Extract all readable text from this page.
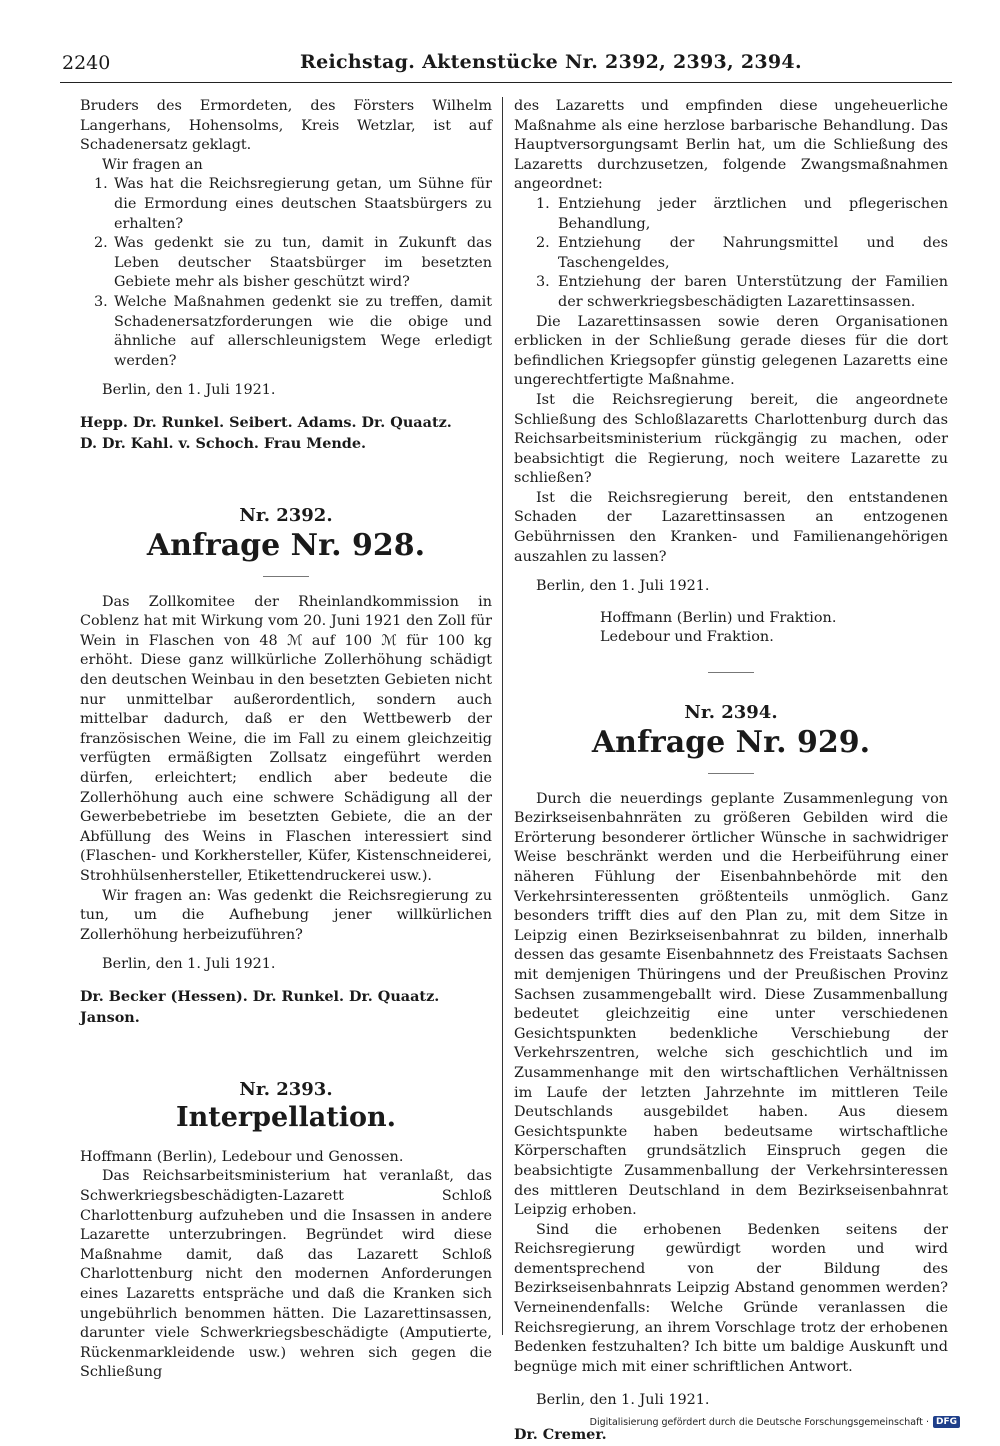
2240	Reichstag. Aktenstücke Nr. 2392, 2393, 2394.

Bruders des Ermordeten, des Försters Wilhelm Langerhans, Hohensolms, Kreis Wetzlar, ist auf Schadenersatz geklagt.

Wir fragen an

1. Was hat die Reichsregierung getan, um Sühne für die Ermordung eines deutschen Staatsbürgers zu erhalten?
2. Was gedenkt sie zu tun, damit in Zukunft das Leben deutscher Staatsbürger im besetzten Gebiete mehr als bisher geschützt wird?
3. Welche Maßnahmen gedenkt sie zu treffen, damit Schadenersatzforderungen wie die obige und ähnliche auf allerschleunigstem Wege erledigt werden?

Berlin, den 1. Juli 1921.

Hepp. Dr. Runkel. Seibert. Adams. Dr. Quaatz.

D. Dr. Kahl. v. Schoch. Frau Mende.

Nr. 2392.

Anfrage Nr. 928.

Das Zollkomitee der Rheinlandkommission in Coblenz hat mit Wirkung vom 20. Juni 1921 den Zoll für Wein in Flaschen von 48 ℳ auf 100 ℳ für 100 kg erhöht. Diese ganz willkürliche Zollerhöhung schädigt den deutschen Weinbau in den besetzten Gebieten nicht nur unmittelbar außerordentlich, sondern auch mittelbar dadurch, daß er den Wettbewerb der französischen Weine, die im Fall zu einem gleichzeitig verfügten ermäßigten Zollsatz eingeführt werden dürfen, erleichtert; endlich aber bedeute die Zollerhöhung auch eine schwere Schädigung all der Gewerbebetriebe im besetzten Gebiete, die an der Abfüllung des Weins in Flaschen interessiert sind (Flaschen- und Korkhersteller, Küfer, Kistenschneiderei, Strohhülsenhersteller, Etikettendruckerei usw.).

Wir fragen an: Was gedenkt die Reichsregierung zu tun, um die Aufhebung jener willkürlichen Zollerhöhung herbeizuführen?

Berlin, den 1. Juli 1921.

Dr. Becker (Hessen). Dr. Runkel. Dr. Quaatz.

Janson.

Nr. 2393.

Interpellation.

Hoffmann (Berlin), Ledebour und Genossen.

Das Reichsarbeitsministerium hat veranlaßt, das Schwerkriegsbeschädigten-Lazarett Schloß Charlottenburg aufzuheben und die Insassen in andere Lazarette unterzubringen. Begründet wird diese Maßnahme damit, daß das Lazarett Schloß Charlottenburg nicht den modernen Anforderungen eines Lazaretts entspräche und daß die Kranken sich ungebührlich benommen hätten. Die Lazarettinsassen, darunter viele Schwerkriegsbeschädigte (Amputierte, Rückenmarkleidende usw.) wehren sich gegen die Schließung

des Lazaretts und empfinden diese ungeheuerliche Maßnahme als eine herzlose barbarische Behandlung. Das Hauptversorgungsamt Berlin hat, um die Schließung des Lazaretts durchzusetzen, folgende Zwangsmaßnahmen angeordnet:

1. Entziehung jeder ärztlichen und pflegerischen Behandlung,
2. Entziehung der Nahrungsmittel und des Taschengeldes,
3. Entziehung der baren Unterstützung der Familien der schwerkriegsbeschädigten Lazarettinsassen.

Die Lazarettinsassen sowie deren Organisationen erblicken in der Schließung gerade dieses für die dort befindlichen Kriegsopfer günstig gelegenen Lazaretts eine ungerechtfertigte Maßnahme.

Ist die Reichsregierung bereit, die angeordnete Schließung des Schloßlazaretts Charlottenburg durch das Reichsarbeitsministerium rückgängig zu machen, oder beabsichtigt die Regierung, noch weitere Lazarette zu schließen?

Ist die Reichsregierung bereit, den entstandenen Schaden der Lazarettinsassen an entzogenen Gebührnissen den Kranken- und Familienangehörigen auszahlen zu lassen?

Berlin, den 1. Juli 1921.

Hoffmann (Berlin) und Fraktion.

Ledebour und Fraktion.

Nr. 2394.

Anfrage Nr. 929.

Durch die neuerdings geplante Zusammenlegung von Bezirkseisenbahnräten zu größeren Gebilden wird die Erörterung besonderer örtlicher Wünsche in sachwidriger Weise beschränkt werden und die Herbeiführung einer näheren Fühlung der Eisenbahnbehörde mit den Verkehrsinteressenten größtenteils unmöglich. Ganz besonders trifft dies auf den Plan zu, mit dem Sitze in Leipzig einen Bezirkseisenbahnrat zu bilden, innerhalb dessen das gesamte Eisenbahnnetz des Freistaats Sachsen mit demjenigen Thüringens und der Preußischen Provinz Sachsen zusammengeballt wird. Diese Zusammenballung bedeutet gleichzeitig eine unter verschiedenen Gesichtspunkten bedenkliche Verschiebung der Verkehrszentren, welche sich geschichtlich und im Zusammenhange mit den wirtschaftlichen Verhältnissen im Laufe der letzten Jahrzehnte im mittleren Teile Deutschlands ausgebildet haben. Aus diesem Gesichtspunkte haben bedeutsame wirtschaftliche Körperschaften grundsätzlich Einspruch gegen die beabsichtigte Zusammenballung der Verkehrsinteressen des mittleren Deutschland in dem Bezirkseisenbahnrat Leipzig erhoben.

Sind die erhobenen Bedenken seitens der Reichsregierung gewürdigt worden und wird dementsprechend von der Bildung des Bezirkseisenbahnrats Leipzig Abstand genommen werden? Verneinendenfalls: Welche Gründe veranlassen die Reichsregierung, an ihrem Vorschlage trotz der erhobenen Bedenken festzuhalten? Ich bitte um baldige Auskunft und begnüge mich mit einer schriftlichen Antwort.

Berlin, den 1. Juli 1921.

Dr. Cremer.

Digitalisierung gefördert durch die Deutsche Forschungsgemeinschaft · DFG
